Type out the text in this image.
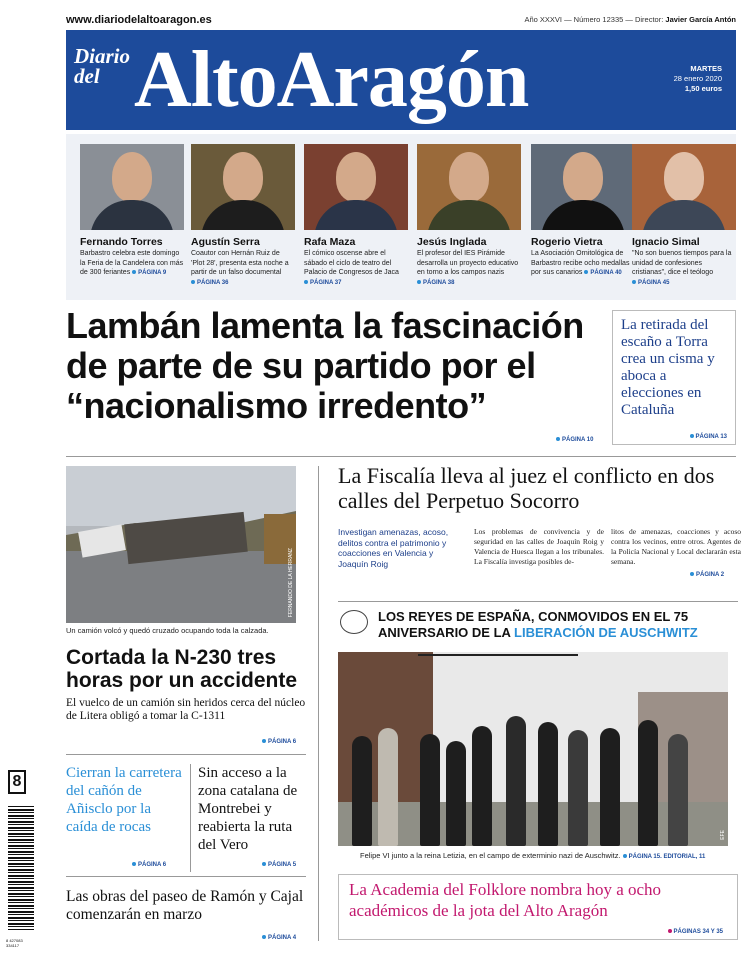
www.diariodelaltoaragon.es	Año XXXVI — Número 12335 — Director: Javier García Antón
Diario
del AltoAragón	MARTES
28 enero 2020
1,50 euros
Fernando Torres
Barbastro celebra este domingo la Feria de la Candelera con más de 300 feriantes PÁGINA 9
Agustín Serra
Coautor con Hernán Ruiz de 'Plot 28', presenta esta noche a partir de un falso documental PÁGINA 36
Rafa Maza
El cómico oscense abre el sábado el ciclo de teatro del Palacio de Congresos de Jaca PÁGINA 37
Jesús Inglada
El profesor del IES Pirámide desarrolla un proyecto educativo en torno a los campos nazis PÁGINA 38
Rogerio Vietra
La Asociación Ornitológica de Barbastro recibe ocho medallas por sus canarios PÁGINA 40
Ignacio Simal
"No son buenos tiempos para la unidad de confesiones cristianas", dice el teólogo PÁGINA 45
Lambán lamenta la fascinación de parte de su partido por el “nacionalismo irredento”
PÁGINA 10
La retirada del escaño a Torra crea un cisma y aboca a elecciones en Cataluña
PÁGINA 13
FERNANDO DE LA HERRANZ
Un camión volcó y quedó cruzado ocupando toda la calzada.
Cortada la N-230 tres horas por un accidente
El vuelco de un camión sin heridos cerca del núcleo de Litera obligó a tomar la C-1311
PÁGINA 6
La Fiscalía lleva al juez el conflicto en dos calles del Perpetuo Socorro
Investigan amenazas, acoso, delitos contra el patrimonio y coacciones en Valencia y Joaquín Roig
Los problemas de convivencia y de seguridad en las calles de Joaquín Roig y Valencia de Huesca llegan a los tribunales. La Fiscalía investiga posibles de-
litos de amenazas, coacciones y acoso contra los vecinos, entre otros. Agentes de la Policía Nacional y Local declararán esta semana.
PÁGINA 2
LOS REYES DE ESPAÑA, CONMOVIDOS EN EL 75 ANIVERSARIO DE LA LIBERACIÓN DE AUSCHWITZ
EFE
Felipe VI junto a la reina Letizia, en el campo de exterminio nazi de Auschwitz. PÁGINA 15. EDITORIAL, 11
La Academia del Folklore nombra hoy a ocho académicos de la jota del Alto Aragón
PÁGINAS 34 Y 35
Cierran la carretera del cañón de Añisclo por la caída de rocas
PÁGINA 6
Sin acceso a la zona catalana de Montrebei y reabierta la ruta del Vero
PÁGINA 5
Las obras del paseo de Ramón y Cajal comenzarán en marzo
PÁGINA 4
8
8 427083 334117
